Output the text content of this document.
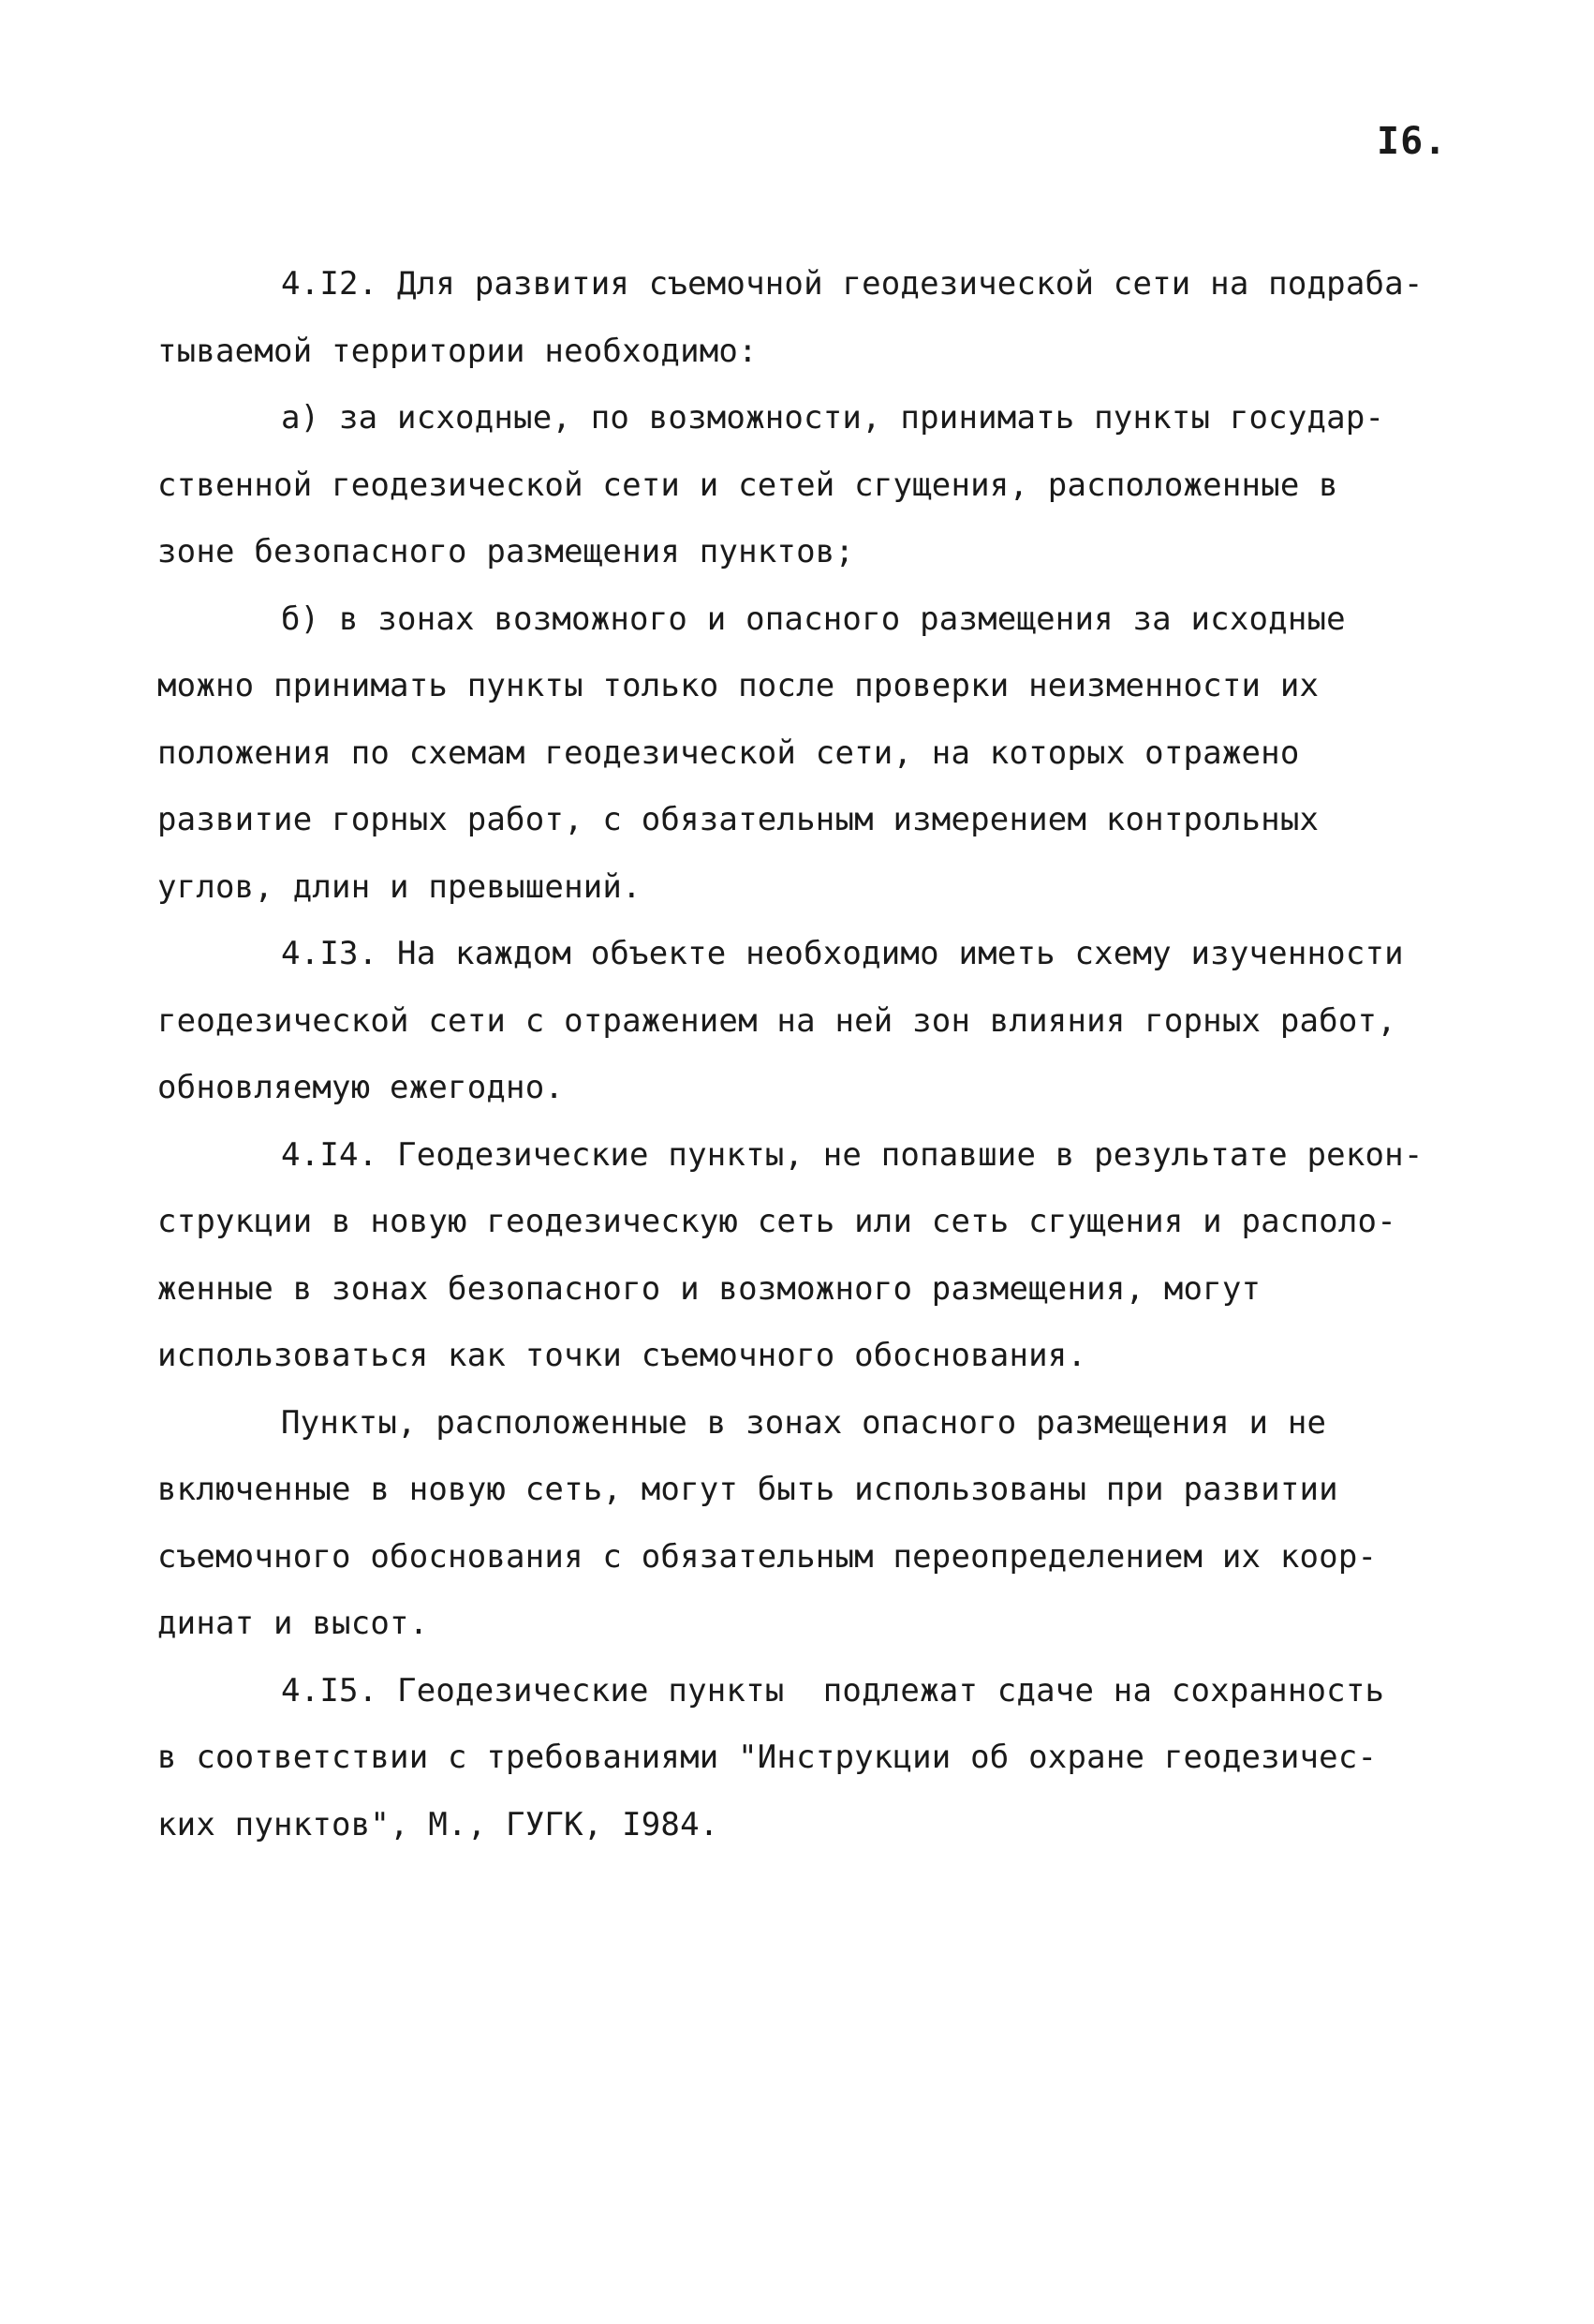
I6.
4.I2. Для развития съемочной геодезической сети на подраба-
тываемой территории необходимо:
а) за исходные, по возможности, принимать пункты государ-
ственной геодезической сети и сетей сгущения, расположенные в
зоне безопасного размещения пунктов;
б) в зонах возможного и опасного размещения за исходные
можно принимать пункты только после проверки неизменности их
положения по схемам геодезической сети, на которых отражено
развитие горных работ, с обязательным измерением контрольных
углов, длин и превышений.
4.I3. На каждом объекте необходимо иметь схему изученности
геодезической сети с отражением на ней зон влияния горных работ,
обновляемую ежегодно.
4.I4. Геодезические пункты, не попавшие в результате рекон-
струкции в новую геодезическую сеть или сеть сгущения и располо-
женные в зонах безопасного и возможного размещения, могут
использоваться как точки съемочного обоснования.
Пункты, расположенные в зонах опасного размещения и не
включенные в новую сеть, могут быть использованы при развитии
съемочного обоснования с обязательным переопределением их коор-
динат и высот.
4.I5. Геодезические пункты  подлежат сдаче на сохранность
в соответствии с требованиями "Инструкции об охране геодезичес-
ких пунктов", М., ГУГК, I984.
